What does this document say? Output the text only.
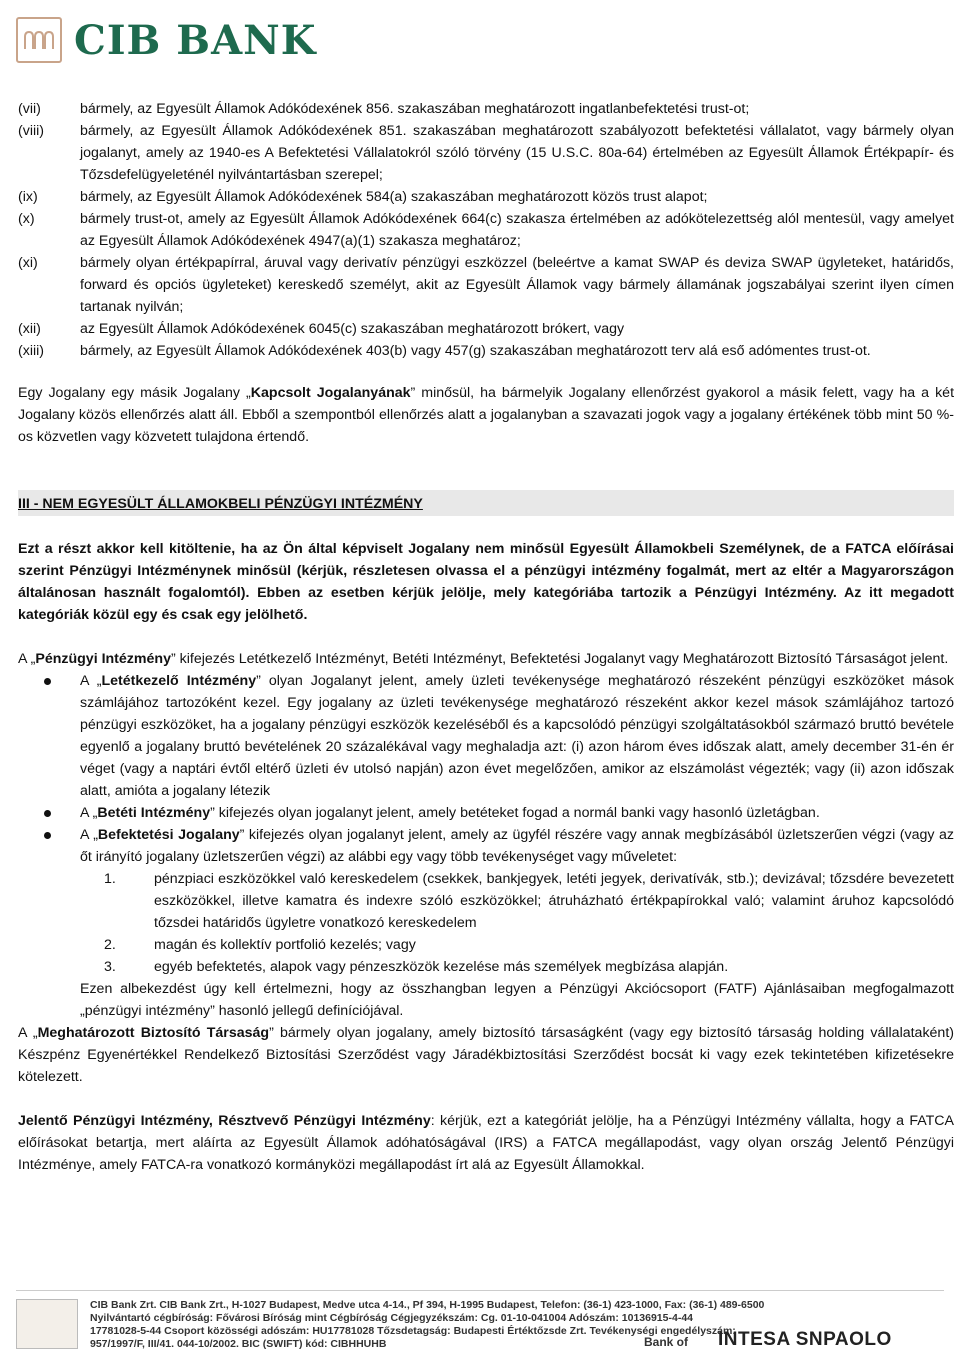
CIB BANK
(vii)	bármely, az Egyesült Államok Adókódexének 856. szakaszában meghatározott ingatlanbefektetési trust-ot;
(viii)	bármely, az Egyesült Államok Adókódexének 851. szakaszában meghatározott szabályozott befektetési vállalatot, vagy bármely olyan jogalanyt, amely az 1940-es A Befektetési Vállalatokról szóló törvény (15 U.S.C. 80a-64) értelmében az Egyesült Államok Értékpapír- és Tőzsdefelügyeleténél nyilvántartásban szerepel;
(ix)	bármely, az Egyesült Államok Adókódexének 584(a) szakaszában meghatározott közös trust alapot;
(x)	bármely trust-ot, amely az Egyesült Államok Adókódexének 664(c) szakasza értelmében az adókötelezettség alól mentesül, vagy amelyet az Egyesült Államok Adókódexének 4947(a)(1) szakasza meghatároz;
(xi)	bármely olyan értékpapírral, áruval vagy derivatív pénzügyi eszközzel (beleértve a kamat SWAP és deviza SWAP ügyleteket, határidős, forward és opciós ügyleteket) kereskedő személyt, akit az Egyesült Államok vagy bármely államának jogszabályai szerint ilyen címen tartanak nyilván;
(xii)	az Egyesült Államok Adókódexének 6045(c) szakaszában meghatározott brókert, vagy
(xiii)	bármely, az Egyesült Államok Adókódexének 403(b) vagy 457(g) szakaszában meghatározott terv alá eső adómentes trust-ot.

Egy Jogalany egy másik Jogalany „Kapcsolt Jogalanyának” minősül, ha bármelyik Jogalany ellenőrzést gyakorol a másik felett, vagy ha a két Jogalany közös ellenőrzés alatt áll. Ebből a szempontból ellenőrzés alatt a jogalanyban a szavazati jogok vagy a jogalany értékének több mint 50 %-os közvetlen vagy közvetett tulajdona értendő.

III - NEM EGYESÜLT ÁLLAMOKBELI PÉNZÜGYI INTÉZMÉNY

Ezt a részt akkor kell kitöltenie, ha az Ön által képviselt Jogalany nem minősül Egyesült Államokbeli Személynek, de a FATCA előírásai szerint Pénzügyi Intézménynek minősül (kérjük, részletesen olvassa el a pénzügyi intézmény fogalmát, mert az eltér a Magyarországon általánosan használt fogalomtól). Ebben az esetben kérjük jelölje, mely kategóriába tartozik a Pénzügyi Intézmény. Az itt megadott kategóriák közül egy és csak egy jelölhető.

A „Pénzügyi Intézmény” kifejezés Letétkezelő Intézményt, Betéti Intézményt, Befektetési Jogalanyt vagy Meghatározott Biztosító Társaságot jelent.

A „Letétkezelő Intézmény” olyan Jogalanyt jelent, amely üzleti tevékenysége meghatározó részeként pénzügyi eszközöket mások számlájához tartozóként kezel. Egy jogalany az üzleti tevékenysége meghatározó részeként akkor kezel mások számlájához tartozó pénzügyi eszközöket, ha a jogalany pénzügyi eszközök kezeléséből és a kapcsolódó pénzügyi szolgáltatásokból származó bruttó bevétele egyenlő a jogalany bruttó bevételének 20 százalékával vagy meghaladja azt: (i) azon három éves időszak alatt, amely december 31-én ér véget (vagy a naptári évtől eltérő üzleti év utolsó napján) azon évet megelőzően, amikor az elszámolást végezték; vagy (ii) azon időszak alatt, amióta a jogalany létezik
A „Betéti Intézmény” kifejezés olyan jogalanyt jelent, amely betéteket fogad a normál banki vagy hasonló üzletágban.
A „Befektetési Jogalany” kifejezés olyan jogalanyt jelent, amely az ügyfél részére vagy annak megbízásából üzletszerűen végzi (vagy az őt irányító jogalany üzletszerűen végzi) az alábbi egy vagy több tevékenységet vagy műveletet:
1.	pénzpiaci eszközökkel való kereskedelem (csekkek, bankjegyek, letéti jegyek, derivatívák, stb.); devizával; tőzsdére bevezetett eszközökkel, illetve kamatra és indexre szóló eszközökkel; átruházható értékpapírokkal való; valamint áruhoz kapcsolódó tőzsdei határidős ügyletre vonatkozó kereskedelem
2.	magán és kollektív portfolió kezelés; vagy
3.	egyéb befektetés, alapok vagy pénzeszközök kezelése más személyek megbízása alapján.

Ezen albekezdést úgy kell értelmezni, hogy az összhangban legyen a Pénzügyi Akciócsoport (FATF) Ajánlásaiban megfogalmazott „pénzügyi intézmény” hasonló jellegű definíciójával.

A „Meghatározott Biztosító Társaság” bármely olyan jogalany, amely biztosító társaságként (vagy egy biztosító társaság holding vállalataként) Készpénz Egyenértékkel Rendelkező Biztosítási Szerződést vagy Járadékbiztosítási Szerződést bocsát ki vagy ezek tekintetében kifizetésekre kötelezett.

Jelentő Pénzügyi Intézmény, Résztvevő Pénzügyi Intézmény: kérjük, ezt a kategóriát jelölje, ha a Pénzügyi Intézmény vállalta, hogy a FATCA előírásokat betartja, mert aláírta az Egyesült Államok adóhatóságával (IRS) a FATCA megállapodást, vagy olyan ország Jelentő Pénzügyi Intézménye, amely FATCA-ra vonatkozó kormányközi megállapodást írt alá az Egyesült Államokkal.

CIB Bank Zrt. CIB Bank Zrt., H-1027 Budapest, Medve utca 4-14., Pf 394, H-1995 Budapest, Telefon: (36-1) 423-1000, Fax: (36-1) 489-6500
Nyilvántartó cégbíróság: Fővárosi Bíróság mint Cégbíróság Cégjegyzékszám: Cg. 01-10-041004 Adószám: 10136915-4-44
17781028-5-44 Csoport közösségi adószám: HU17781028 Tőzsdetagság: Budapesti Értéktőzsde Zrt. Tevékenységi engedélyszám:
957/1997/F, III/41. 044-10/2002. BIC (SWIFT) kód: CIBHHUHB	Bank of INTESA SNPAOLO
